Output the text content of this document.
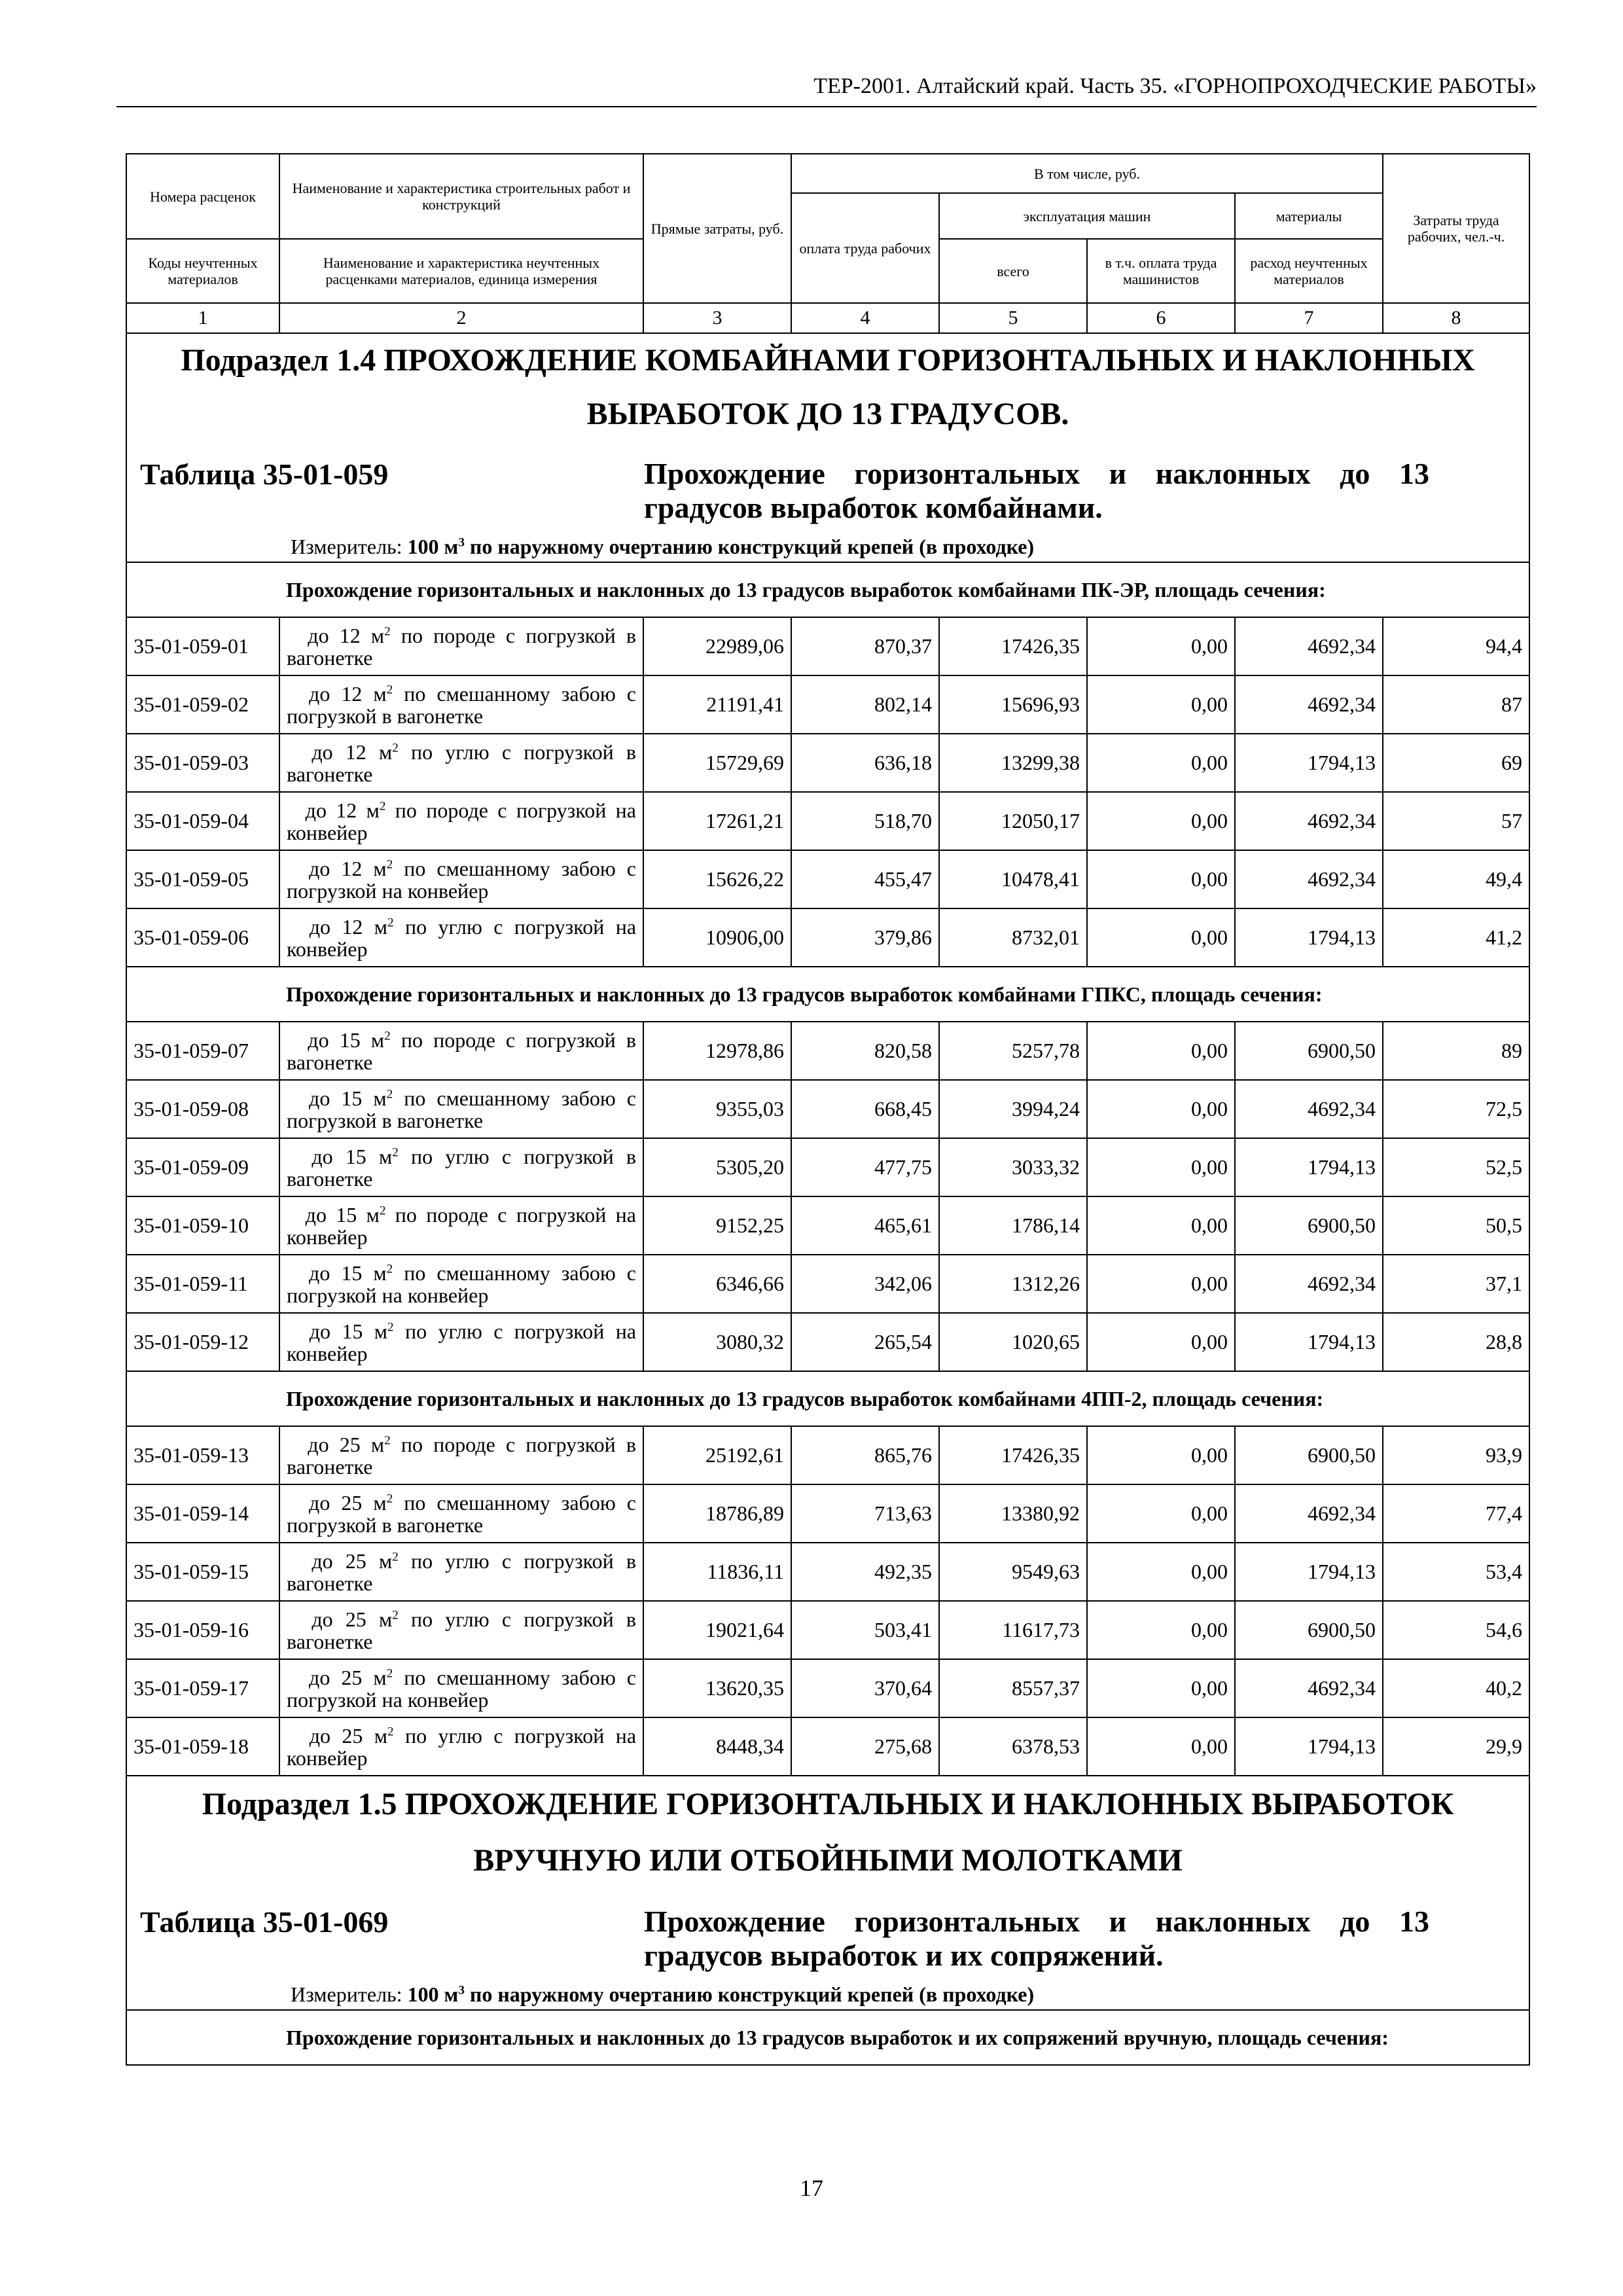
ТЕР-2001. Алтайский край. Часть 35. «ГОРНОПРОХОДЧЕСКИЕ РАБОТЫ»
Номера расценок	Наименование и характеристика строительных работ и конструкций	Прямые затраты, руб.	В том числе, руб.				Затраты труда рабочих, чел.-ч.
			оплата труда рабочих	эксплуатация машин		материалы	
Коды неучтенных материалов	Наименование и характеристика неучтенных расценками материалов, единица измерения			всего	в т.ч. оплата труда машинистов	расход неучтенных материалов	
1	2	3	4	5	6	7	8

Подраздел 1.4 ПРОХОЖДЕНИЕ КОМБАЙНАМИ ГОРИЗОНТАЛЬНЫХ И НАКЛОННЫХ
ВЫРАБОТОК ДО 13 ГРАДУСОВ.							

Таблица 35-01-059 Прохождение горизонтальных и наклонных до 13 градусов выработок комбайнами.							

Измеритель: 100 $м^3$ по наружному очертанию конструкций крепей (в проходке)							
	Прохождение горизонтальных и наклонных до 13 градусов выработок комбайнами ПК-ЭР, площадь сечения:						
35-01-059-01	до 12 $м^2$ по породе с погрузкой в вагонетке	22989,06	870,37	17426,35	0,00	4692,34	94,4
35-01-059-02	до 12 $м^2$ по смешанному забою с погрузкой в вагонетке	21191,41	802,14	15696,93	0,00	4692,34	87
35-01-059-03	до 12 $м^2$ по углю с погрузкой в вагонетке	15729,69	636,18	13299,38	0,00	1794,13	69
35-01-059-04	до 12 $м^2$ по породе с погрузкой на конвейер	17261,21	518,70	12050,17	0,00	4692,34	57
35-01-059-05	до 12 $м^2$ по смешанному забою с погрузкой на конвейер	15626,22	455,47	10478,41	0,00	4692,34	49,4
35-01-059-06	до 12 $м^2$ по углю с погрузкой на конвейер	10906,00	379,86	8732,01	0,00	1794,13	41,2
	Прохождение горизонтальных и наклонных до 13 градусов выработок комбайнами ГПКС, площадь сечения:						
35-01-059-07	до 15 $м^2$ по породе с погрузкой в вагонетке	12978,86	820,58	5257,78	0,00	6900,50	89
35-01-059-08	до 15 $м^2$ по смешанному забою с погрузкой в вагонетке	9355,03	668,45	3994,24	0,00	4692,34	72,5
35-01-059-09	до 15 $м^2$ по углю с погрузкой в вагонетке	5305,20	477,75	3033,32	0,00	1794,13	52,5
35-01-059-10	до 15 $м^2$ по породе с погрузкой на конвейер	9152,25	465,61	1786,14	0,00	6900,50	50,5
35-01-059-11	до 15 $м^2$ по смешанному забою с погрузкой на конвейер	6346,66	342,06	1312,26	0,00	4692,34	37,1
35-01-059-12	до 15 $м^2$ по углю с погрузкой на конвейер	3080,32	265,54	1020,65	0,00	1794,13	28,8
	Прохождение горизонтальных и наклонных до 13 градусов выработок комбайнами 4ПП-2, площадь сечения:						
35-01-059-13	до 25 $м^2$ по породе с погрузкой в вагонетке	25192,61	865,76	17426,35	0,00	6900,50	93,9
35-01-059-14	до 25 $м^2$ по смешанному забою с погрузкой в вагонетке	18786,89	713,63	13380,92	0,00	4692,34	77,4
35-01-059-15	до 25 $м^2$ по углю с погрузкой в вагонетке	11836,11	492,35	9549,63	0,00	1794,13	53,4
35-01-059-16	до 25 $м^2$ по углю с погрузкой в вагонетке	19021,64	503,41	11617,73	0,00	6900,50	54,6
35-01-059-17	до 25 $м^2$ по смешанному забою с погрузкой на конвейер	13620,35	370,64	8557,37	0,00	4692,34	40,2
35-01-059-18	до 25 $м^2$ по углю с погрузкой на конвейер	8448,34	275,68	6378,53	0,00	1794,13	29,9

Подраздел 1.5 ПРОХОЖДЕНИЕ ГОРИЗОНТАЛЬНЫХ И НАКЛОННЫХ ВЫРАБОТОК
ВРУЧНУЮ ИЛИ ОТБОЙНЫМИ МОЛОТКАМИ							

Таблица 35-01-069 Прохождение горизонтальных и наклонных до 13 градусов выработок и их сопряжений.							

Измеритель: 100 $м^3$ по наружному очертанию конструкций крепей (в проходке)							
	Прохождение горизонтальных и наклонных до 13 градусов выработок и их сопряжений вручную, площадь сечения:						
17
